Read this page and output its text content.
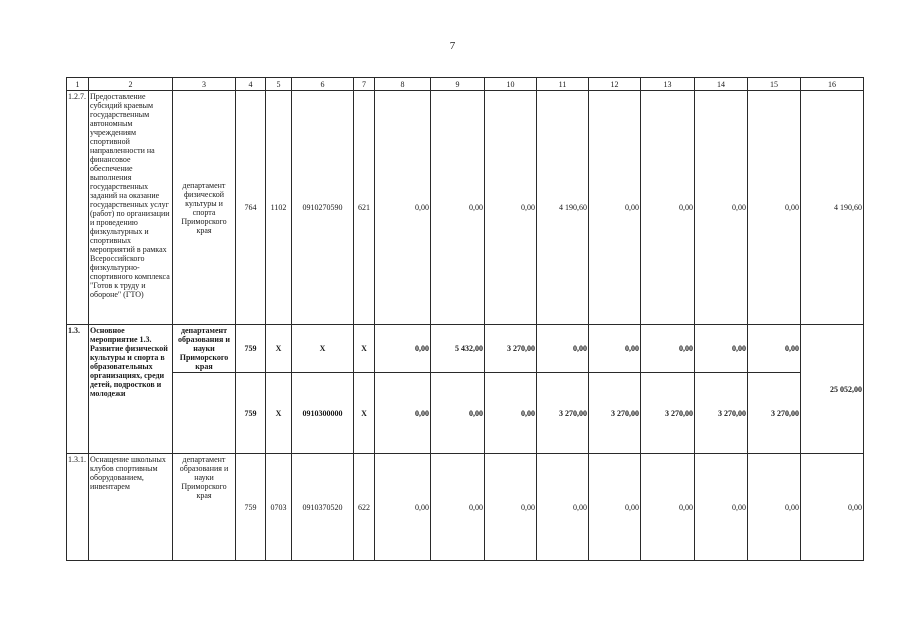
7
1	2	3	4	5	6	7	8	9	10	11	12	13	14	15	16
1.2.7.	Предоставление субсидий краевым государственным автономным учреждениям спортивной направленности на финансовое обеспечение выполнения государственных заданий на оказание государственных услуг (работ) по организации и проведению физкультурных и спортивных мероприятий в рамках Всероссийского физкультурно-спортивного комплекса "Готов к труду и обороне" (ГТО)	департамент физической культуры и спорта Приморского края	764	1102	0910270590	621	0,00	0,00	0,00	4 190,60	0,00	0,00	0,00	0,00	4 190,60
1.3.	Основное мероприятие 1.3. Развитие физической культуры и спорта в образовательных организациях, среди детей, подростков и молодежи	департамент образования и науки Приморского края	759	X	X	X	0,00	5 432,00	3 270,00	0,00	0,00	0,00	0,00	0,00	25 052,00
			759	X	0910300000	X	0,00	0,00	0,00	3 270,00	3 270,00	3 270,00	3 270,00	3 270,00	
1.3.1.	Оснащение школьных клубов спортивным оборудованием, инвентарем	департамент образования и науки Приморского края	759	0703	0910370520	622	0,00	0,00	0,00	0,00	0,00	0,00	0,00	0,00	0,00
